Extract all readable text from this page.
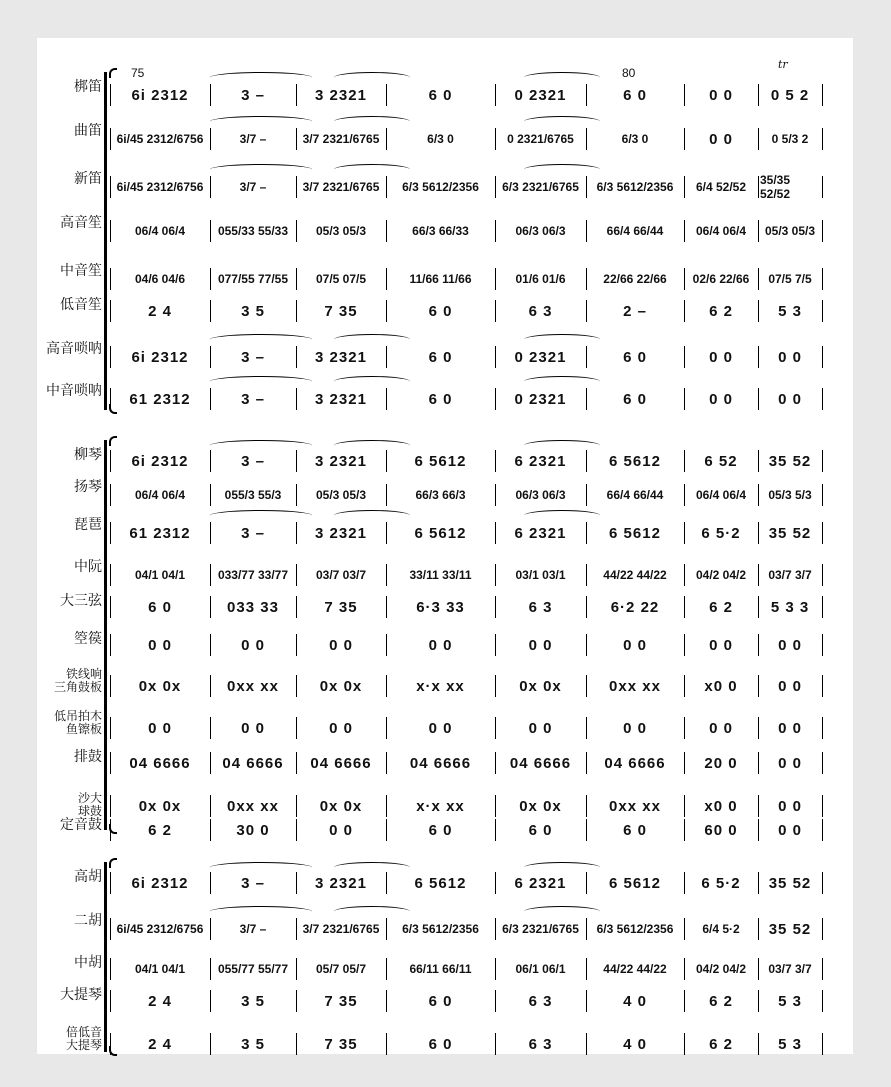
75	80
tr
梆笛	6i 2312	3 –	3 2321	6 0	0 2321	6 0	0 0	0 5 2
曲笛	6i/45 2312/6756	3/7 –	3/7 2321/6765	6/3 0	0 2321/6765	6/3 0	0 0	0 5/3 2
新笛	6i/45 2312/6756	3/7 –	3/7 2321/6765	6/3 5612/2356	6/3 2321/6765	6/3 5612/2356	6/4 52/52	35/35 52/52
高音笙	06/4 06/4	055/33 55/33	05/3 05/3	66/3 66/33	06/3 06/3	66/4 66/44	06/4 06/4	05/3 05/3
中音笙	04/6 04/6	077/55 77/55	07/5 07/5	11/66 11/66	01/6 01/6	22/66 22/66	02/6 22/66	07/5 7/5
低音笙	2 4	3 5	7 35	6 0	6 3	2 –	6 2	5 3
高音唢呐	6i 2312	3 –	3 2321	6 0	0 2321	6 0	0 0	0 0
中音唢呐	61 2312	3 –	3 2321	6 0	0 2321	6 0	0 0	0 0
柳琴	6i 2312	3 –	3 2321	6 5612	6 2321	6 5612	6 52	35 52
扬琴	06/4 06/4	055/3 55/3	05/3 05/3	66/3 66/3	06/3 06/3	66/4 66/44	06/4 06/4	05/3 5/3
琵琶	61 2312	3 –	3 2321	6 5612	6 2321	6 5612	6 5·2	35 52
中阮	04/1 04/1	033/77 33/77	03/7 03/7	33/11 33/11	03/1 03/1	44/22 44/22	04/2 04/2	03/7 3/7
大三弦	6 0	033 33	7 35	6·3 33	6 3	6·2 22	6 2	5 3 3
箜篌	0 0	0 0	0 0	0 0	0 0	0 0	0 0	0 0
铁线响
三角鼓板	0x 0x	0xx xx	0x 0x	x·x xx	0x 0x	0xx xx	x0 0	0 0
低吊拍木
鱼镲板	0 0	0 0	0 0	0 0	0 0	0 0	0 0	0 0
排鼓	04 6666	04 6666	04 6666	04 6666	04 6666	04 6666	20 0	0 0
沙大
球鼓	0x 0x	0xx xx	0x 0x	x·x xx	0x 0x	0xx xx	x0 0	0 0
定音鼓	6 2	30 0	0 0	6 0	6 0	6 0	60 0	0 0
高胡	6i 2312	3 –	3 2321	6 5612	6 2321	6 5612	6 5·2	35 52
二胡	6i/45 2312/6756	3/7 –	3/7 2321/6765	6/3 5612/2356	6/3 2321/6765	6/3 5612/2356	6/4 5·2	35 52
中胡	04/1 04/1	055/77 55/77	05/7 05/7	66/11 66/11	06/1 06/1	44/22 44/22	04/2 04/2	03/7 3/7
大提琴	2 4	3 5	7 35	6 0	6 3	4 0	6 2	5 3
倍低音
大提琴	2 4	3 5	7 35	6 0	6 3	4 0	6 2	5 3
